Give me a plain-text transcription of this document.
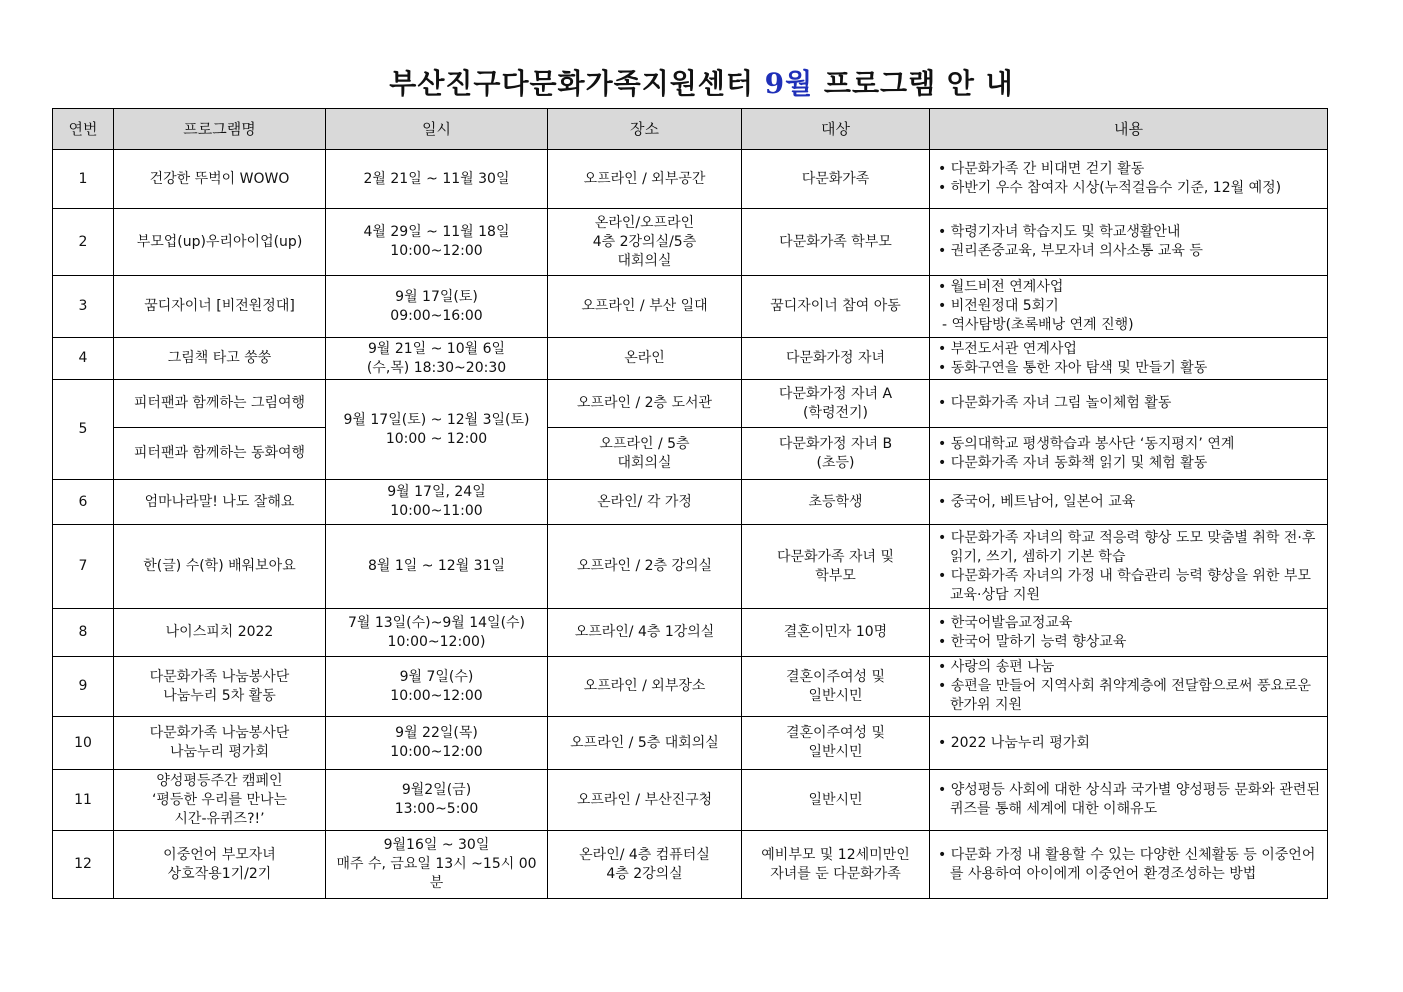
부산진구다문화가족지원센터 9월 프로그램 안 내
연번	프로그램명	일시	장소	대상	내용
1	건강한 뚜벅이 WOWO	2월 21일 ~ 11월 30일	오프라인 / 외부공간	다문화가족	• 다문화가족 간 비대면 걷기 활동
• 하반기 우수 참여자 시상(누적걸음수 기준, 12월 예정)

2	부모업(up)우리아이업(up)	4월 29일 ~ 11월 18일
10:00~12:00	온라인/오프라인
4층 2강의실/5층
대회의실	다문화가족 학부모	• 학령기자녀 학습지도 및 학교생활안내
• 권리존중교육, 부모자녀 의사소통 교육 등

3	꿈디자이너 [비전원정대]	9월 17일(토)
09:00~16:00	오프라인 / 부산 일대	꿈디자이너 참여 아동	• 월드비전 연계사업
• 비전원정대 5회기
- 역사탐방(초록배낭 연계 진행)

4	그림책 타고 쑹쑹	9월 21일 ~ 10월 6일
(수,목) 18:30~20:30	온라인	다문화가정 자녀	• 부전도서관 연계사업
• 동화구연을 통한 자아 탐색 및 만들기 활동

5	피터팬과 함께하는 그림여행	9월 17일(토) ~ 12월 3일(토)
10:00 ~ 12:00	오프라인 / 2층 도서관	다문화가정 자녀 A
(학령전기)	• 다문화가족 자녀 그림 놀이체험 활동

	피터팬과 함께하는 동화여행		오프라인 / 5층
대회의실	다문화가정 자녀 B
(초등)	• 동의대학교 평생학습과 봉사단 ‘동지평지’ 연계
• 다문화가족 자녀 동화책 읽기 및 체험 활동

6	엄마나라말! 나도 잘해요	9월 17일, 24일
10:00~11:00	온라인/ 각 가정	초등학생	• 중국어, 베트남어, 일본어 교육

7	한(글) 수(학) 배워보아요	8월 1일 ~ 12월 31일	오프라인 / 2층 강의실	다문화가족 자녀 및
학부모	• 다문화가족 자녀의 학교 적응력 향상 도모 맞춤별 취학 전·후 읽기, 쓰기, 셈하기 기본 학습
• 다문화가족 자녀의 가정 내 학습관리 능력 향상을 위한 부모교육·상담 지원

8	나이스피치 2022	7월 13일(수)~9월 14일(수)
10:00~12:00)	오프라인/ 4층 1강의실	결혼이민자 10명	• 한국어발음교정교육
• 한국어 말하기 능력 향상교육

9	다문화가족 나눔봉사단
나눔누리 5차 활동	9월 7일(수)
10:00~12:00	오프라인 / 외부장소	결혼이주여성 및
일반시민	• 사랑의 송편 나눔
• 송편을 만들어 지역사회 취약계층에 전달함으로써 풍요로운 한가위 지원

10	다문화가족 나눔봉사단
나눔누리 평가회	9월 22일(목)
10:00~12:00	오프라인 / 5층 대회의실	결혼이주여성 및
일반시민	• 2022 나눔누리 평가회

11	양성평등주간 캠페인
‘평등한 우리를 만나는
시간-유퀴즈?!’	9월2일(금)
13:00~5:00	오프라인 / 부산진구청	일반시민	• 양성평등 사회에 대한 상식과 국가별 양성평등 문화와 관련된 퀴즈를 통해 세계에 대한 이해유도

12	이중언어 부모자녀
상호작용1기/2기	9월16일 ~ 30일
매주 수, 금요일 13시 ~15시 00분	온라인/ 4층 컴퓨터실
4층 2강의실	예비부모 및 12세미만인
자녀를 둔 다문화가족	• 다문화 가정 내 활용할 수 있는 다양한 신체활동 등 이중언어를 사용하여 아이에게 이중언어 환경조성하는 방법
